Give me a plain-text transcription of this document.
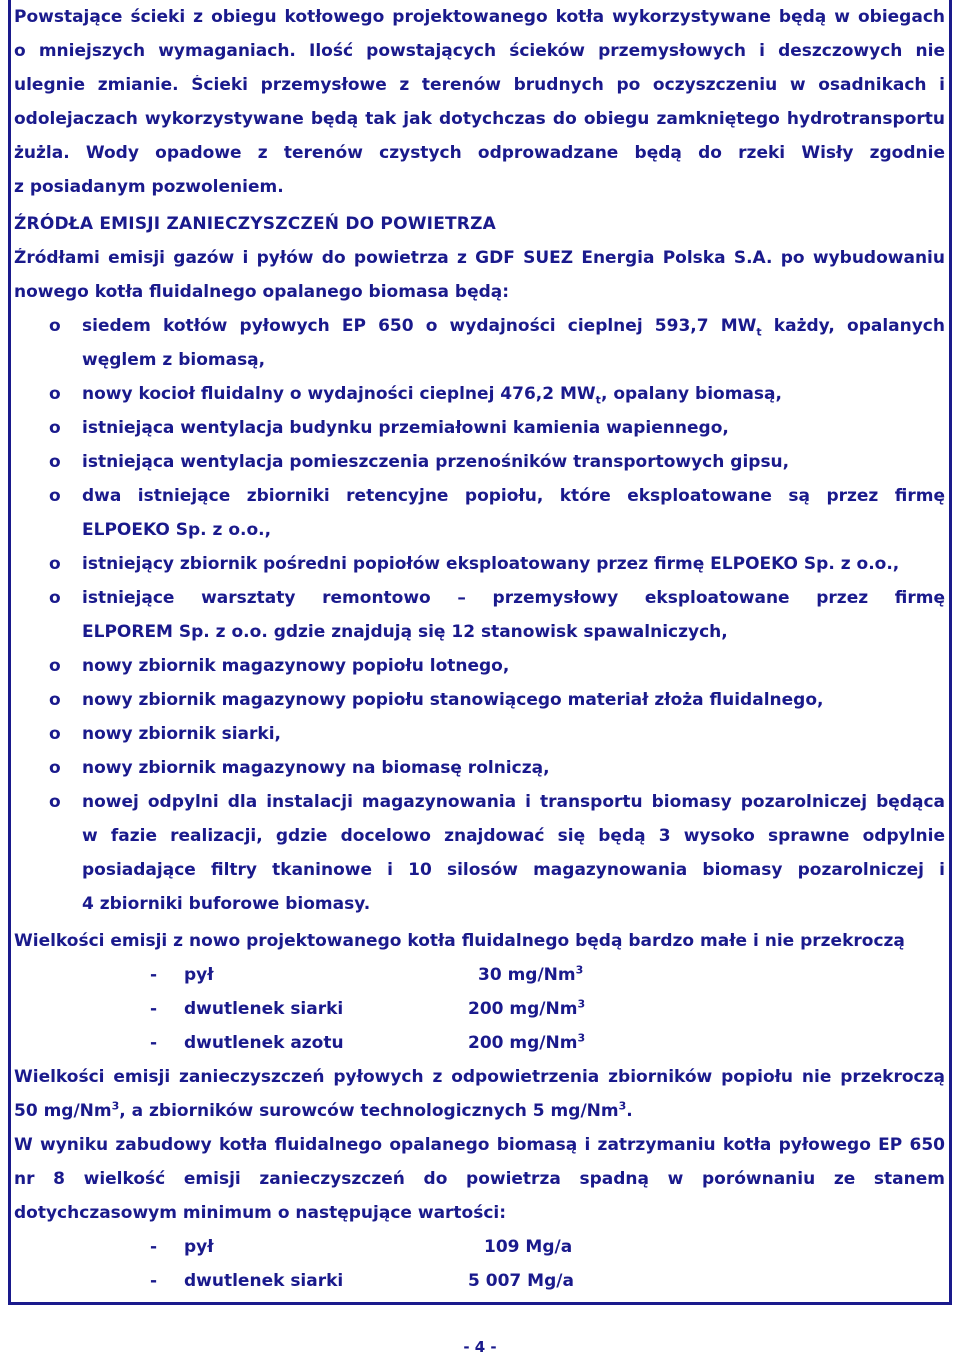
Powstające ścieki z obiegu kotłowego projektowanego kotła wykorzystywane będą w obiegach
o mniejszych wymaganiach. Ilość powstających ścieków przemysłowych i deszczowych nie
ulegnie zmianie. Ścieki przemysłowe z terenów brudnych po oczyszczeniu w osadnikach i
odolejaczach wykorzystywane będą tak jak dotychczas do obiegu zamkniętego hydrotransportu
żużla. Wody opadowe z terenów czystych odprowadzane będą do rzeki Wisły zgodnie
z posiadanym pozwoleniem.
ŹRÓDŁA EMISJI ZANIECZYSZCZEŃ DO POWIETRZA
Źródłami emisji gazów i pyłów do powietrza z GDF SUEZ Energia Polska S.A. po wybudowaniu
nowego kotła fluidalnego opalanego biomasa będą:
o siedem kotłów pyłowych EP 650 o wydajności cieplnej 593,7 $MW_t$ każdy, opalanych
węglem z biomasą,
o nowy kocioł fluidalny o wydajności cieplnej 476,2 $MW_t$, opalany biomasą,
o istniejąca wentylacja budynku przemiałowni kamienia wapiennego,
o istniejąca wentylacja pomieszczenia przenośników transportowych gipsu,
o dwa istniejące zbiorniki retencyjne popiołu, które eksploatowane są przez firmę
ELPOEKO Sp. z o.o.,
o istniejący zbiornik pośredni popiołów eksploatowany przez firmę ELPOEKO Sp. z o.o.,
o istniejące warsztaty remontowo – przemysłowy eksploatowane przez firmę
ELPOREM Sp. z o.o. gdzie znajdują się 12 stanowisk spawalniczych,
o nowy zbiornik magazynowy popiołu lotnego,
o nowy zbiornik magazynowy popiołu stanowiącego materiał złoża fluidalnego,
o nowy zbiornik siarki,
o nowy zbiornik magazynowy na biomasę rolniczą,
o nowej odpylni dla instalacji magazynowania i transportu biomasy pozarolniczej będąca
w fazie realizacji, gdzie docelowo znajdować się będą 3 wysoko sprawne odpylnie
posiadające filtry tkaninowe i 10 silosów magazynowania biomasy pozarolniczej i
4 zbiorniki buforowe biomasy.
Wielkości emisji z nowo projektowanego kotła fluidalnego będą bardzo małe i nie przekroczą
- pył	30 mg/Nm$^3$
- dwutlenek siarki	200 mg/Nm$^3$
- dwutlenek azotu	200 mg/Nm$^3$
Wielkości emisji zanieczyszczeń pyłowych z odpowietrzenia zbiorników popiołu nie przekroczą
50 mg/Nm$^3$, a zbiorników surowców technologicznych 5 mg/Nm$^3$.
W wyniku zabudowy kotła fluidalnego opalanego biomasą i zatrzymaniu kotła pyłowego EP 650
nr 8 wielkość emisji zanieczyszczeń do powietrza spadną w porównaniu ze stanem
dotychczasowym minimum o następujące wartości:
- pył	109 Mg/a
- dwutlenek siarki	5 007 Mg/a
- 4 -
